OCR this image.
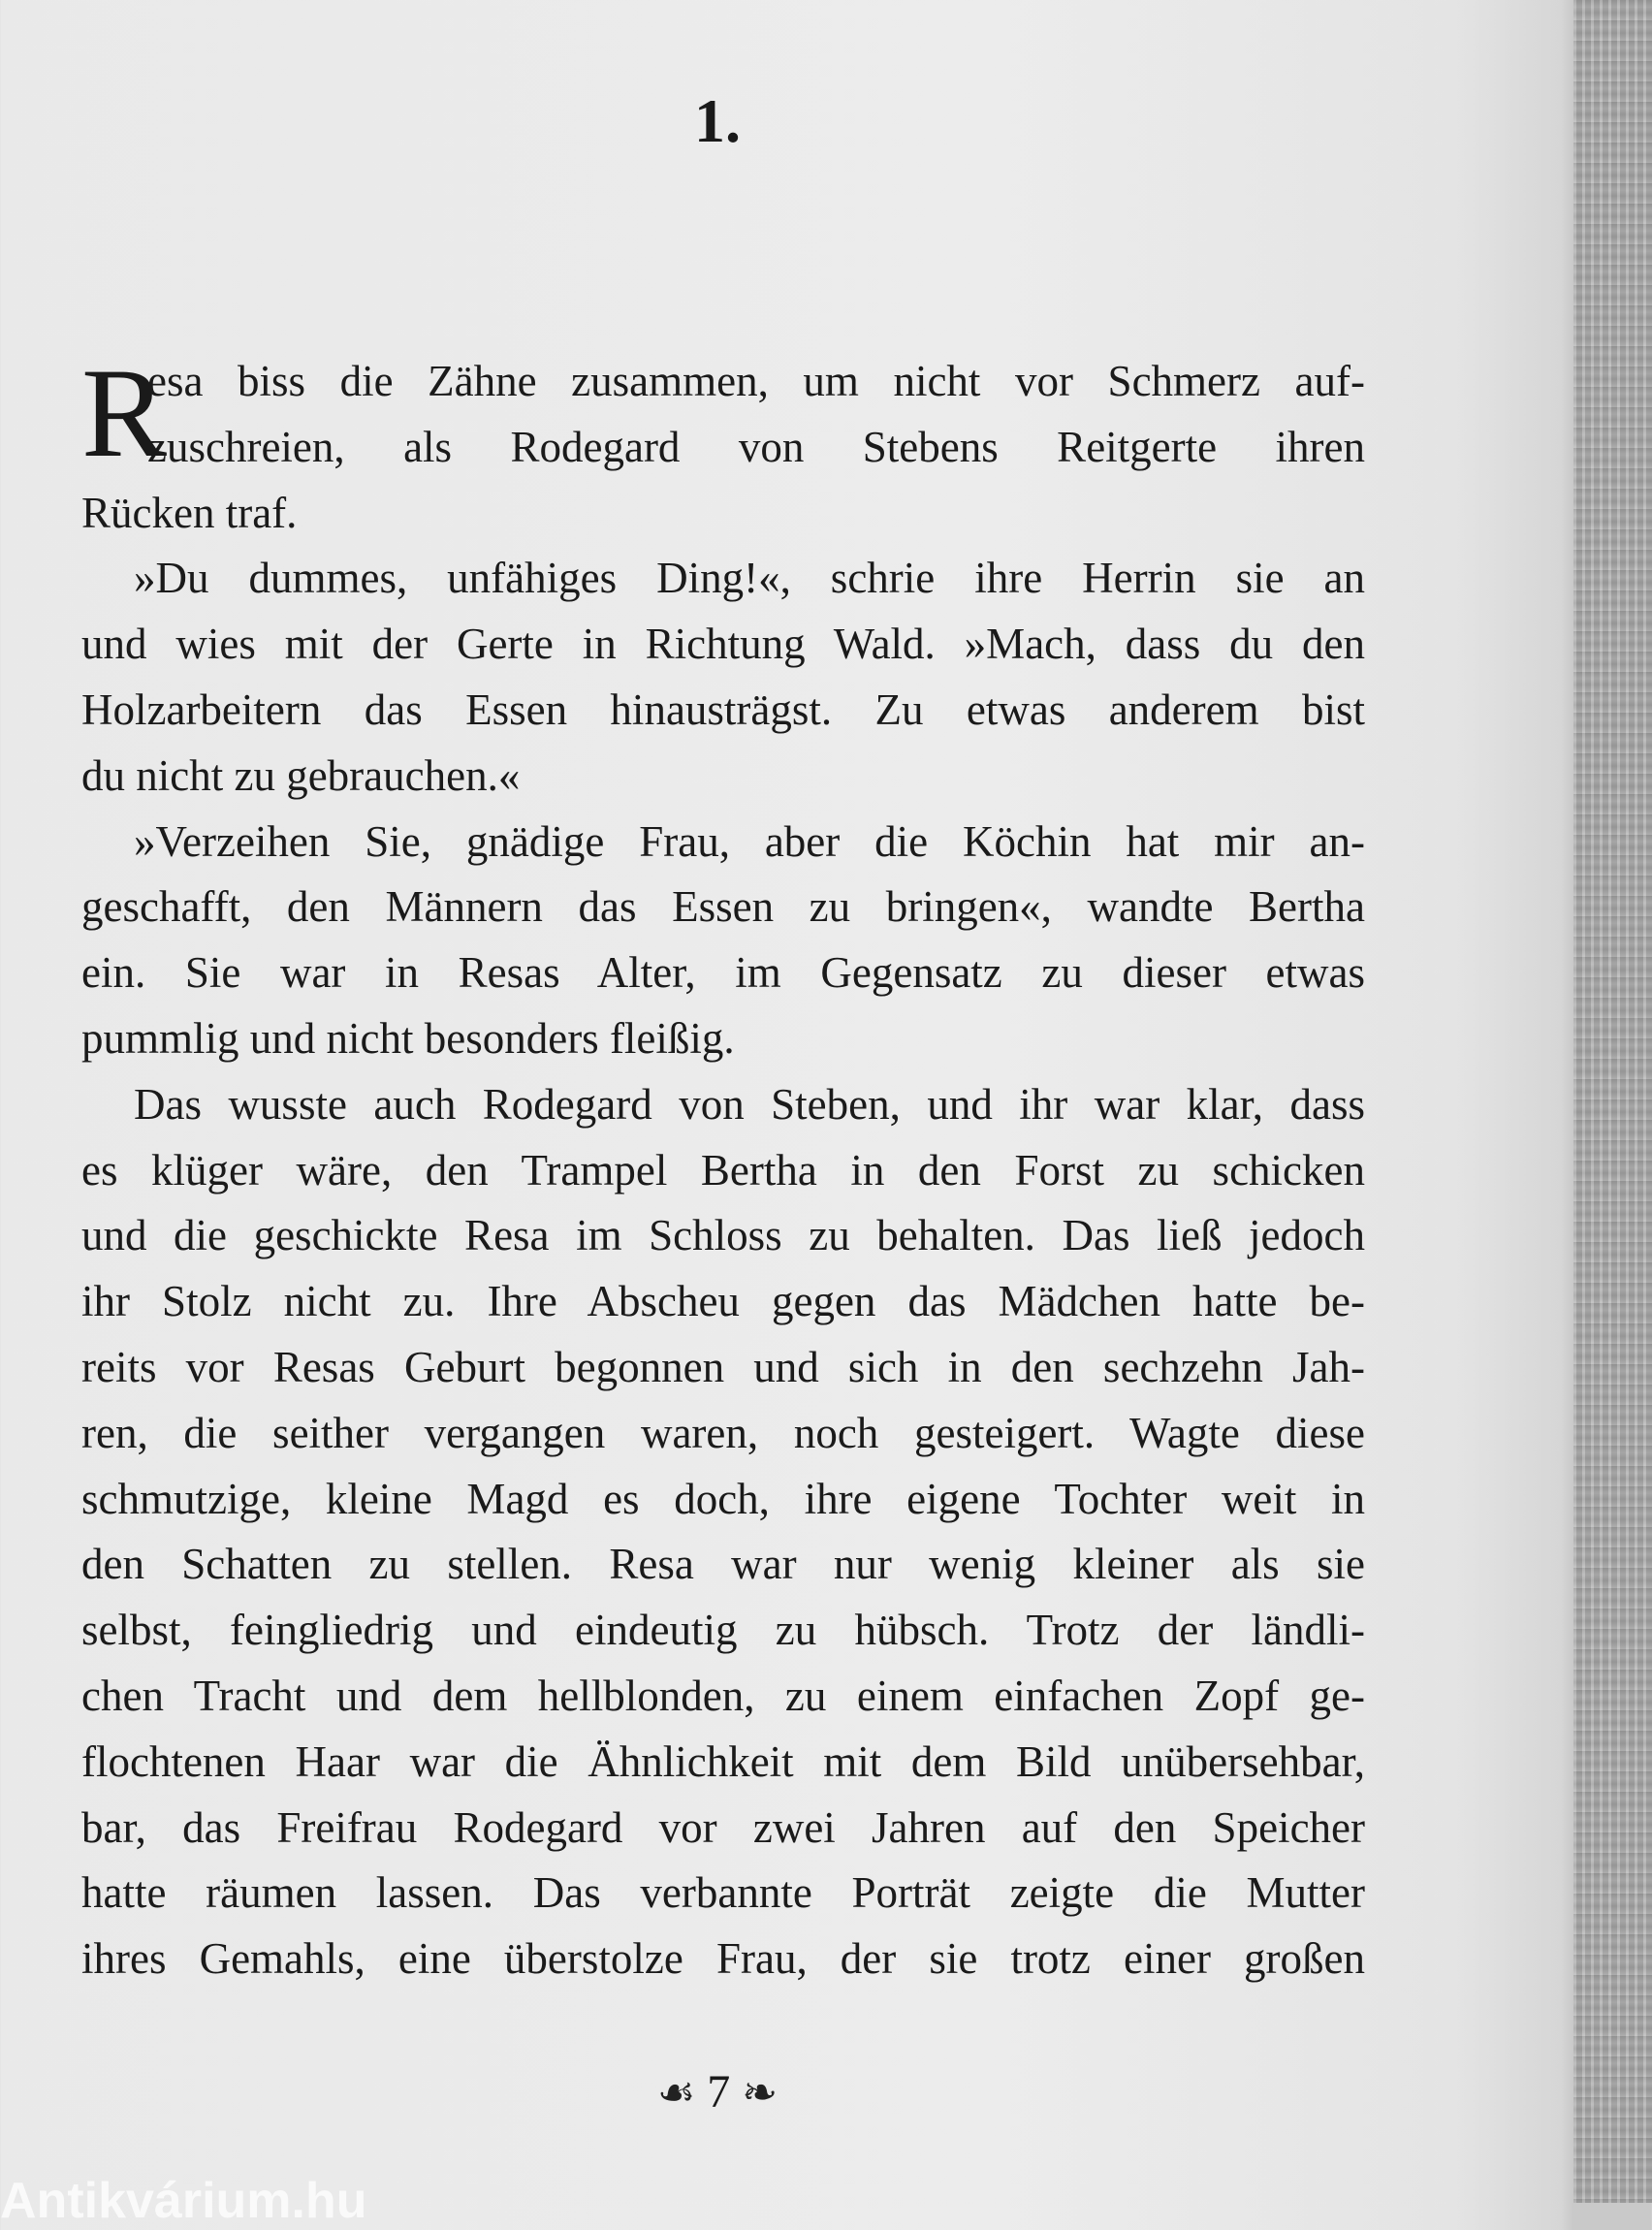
1.
R
esa biss die Zähne zusammen, um nicht vor Schmerz auf-
zuschreien, als Rodegard von Stebens Reitgerte ihren
Rücken traf.
»Du dummes, unfähiges Ding!«, schrie ihre Herrin sie an
und wies mit der Gerte in Richtung Wald. »Mach, dass du den
Holzarbeitern das Essen hinausträgst. Zu etwas anderem bist
du nicht zu gebrauchen.«
»Verzeihen Sie, gnädige Frau, aber die Köchin hat mir an-
geschafft, den Männern das Essen zu bringen«, wandte Bertha
ein. Sie war in Resas Alter, im Gegensatz zu dieser etwas
pummlig und nicht besonders fleißig.
Das wusste auch Rodegard von Steben, und ihr war klar, dass
es klüger wäre, den Trampel Bertha in den Forst zu schicken
und die geschickte Resa im Schloss zu behalten. Das ließ jedoch
ihr Stolz nicht zu. Ihre Abscheu gegen das Mädchen hatte be-
reits vor Resas Geburt begonnen und sich in den sechzehn Jah-
ren, die seither vergangen waren, noch gesteigert. Wagte diese
schmutzige, kleine Magd es doch, ihre eigene Tochter weit in
den Schatten zu stellen. Resa war nur wenig kleiner als sie
selbst, feingliedrig und eindeutig zu hübsch. Trotz der ländli-
chen Tracht und dem hellblonden, zu einem einfachen Zopf ge-
flochtenen Haar war die Ähnlichkeit mit dem Bild unübersehbar,
bar, das Freifrau Rodegard vor zwei Jahren auf den Speicher
hatte räumen lassen. Das verbannte Porträt zeigte die Mutter
ihres Gemahls, eine überstolze Frau, der sie trotz einer großen
☙ 7 ❧
Antikvárium.hu
